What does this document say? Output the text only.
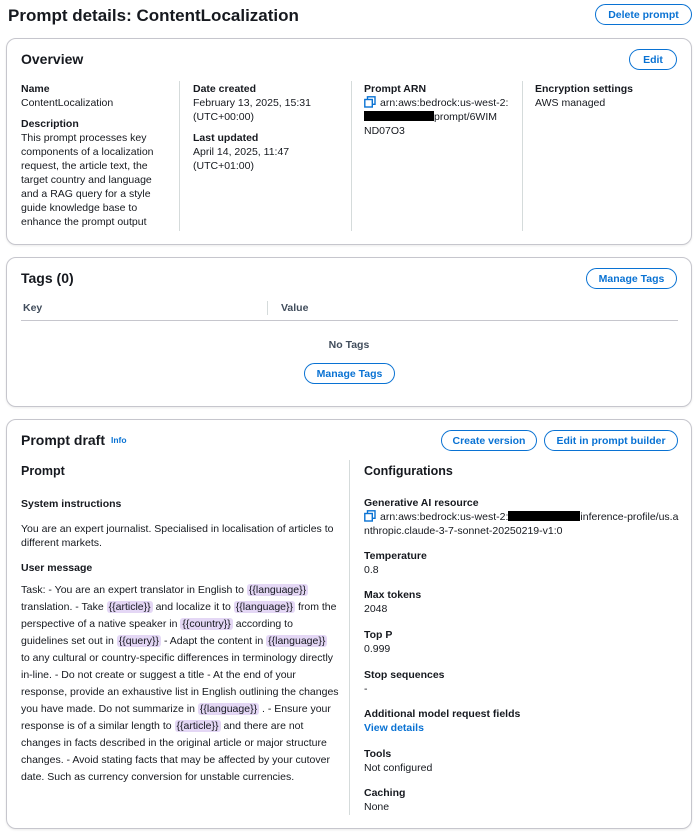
Prompt details: ContentLocalization	Delete prompt
Overview	Edit
Name
ContentLocalization
Description
This prompt processes key components of a localization request, the article text, the target country and language and a RAG query for a style guide knowledge base to enhance the prompt output
Date created
February 13, 2025, 15:31
(UTC+00:00)
Last updated
April 14, 2025, 11:47
(UTC+01:00)
Prompt ARN
arn:aws:bedrock:us-west-2:
prompt/6WIM
ND07O3
Encryption settings
AWS managed
Tags (0)	Manage Tags
Key	Value
No Tags
Manage Tags
Prompt draft Info	Create version	Edit in prompt builder
Prompt	Configurations
System instructions
You are an expert journalist. Specialised in localisation of articles to different markets.
User message
Task: - You are an expert translator in English to {{language}} translation. - Take {{article}} and localize it to {{language}} from the perspective of a native speaker in {{country}} according to guidelines set out in {{query}} - Adapt the content in {{language}} to any cultural or country-specific differences in terminology directly in-line. - Do not create or suggest a title - At the end of your response, provide an exhaustive list in English outlining the changes you have made. Do not summarize in {{language}} . - Ensure your response is of a similar length to {{article}} and there are not changes in facts described in the original article or major structure changes. - Avoid stating facts that may be affected by your cutover date. Such as currency conversion for unstable currencies.
Generative AI resource
arn:aws:bedrock:us-west-2:	inference-profile/us.a
nthropic.claude-3-7-sonnet-20250219-v1:0
Temperature
0.8
Max tokens
2048
Top P
0.999
Stop sequences
-
Additional model request fields
View details
Tools
Not configured
Caching
None
